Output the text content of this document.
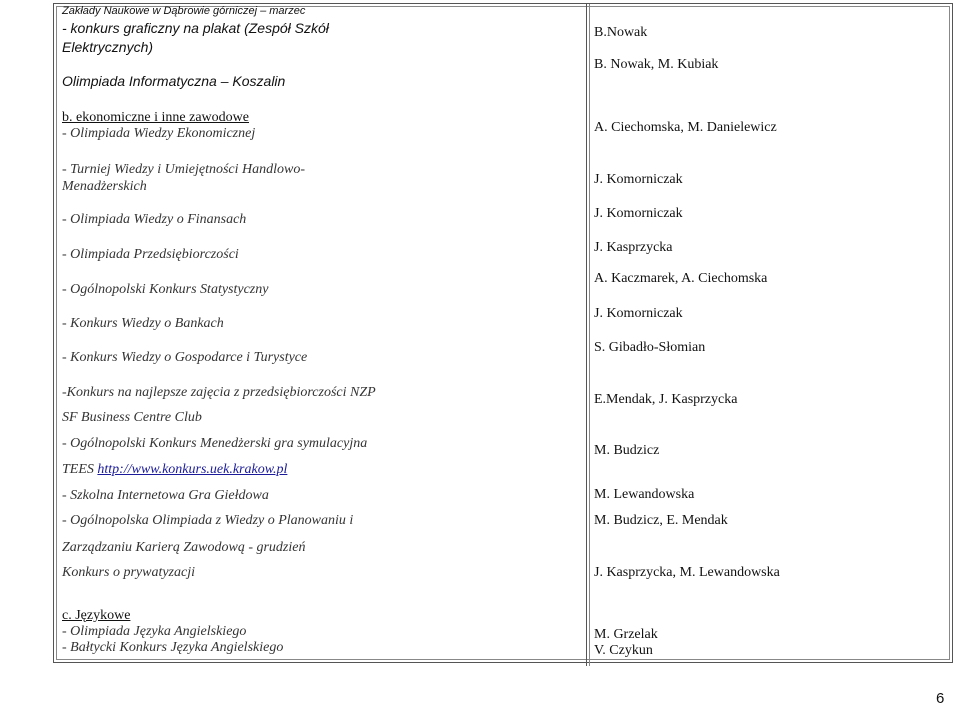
Zakłady Naukowe w Dąbrowie górniczej – marzec
- konkurs graficzny na plakat (Zespół Szkół
Elektrycznych)
Olimpiada Informatyczna – Koszalin
b. ekonomiczne i inne zawodowe
- Olimpiada Wiedzy Ekonomicznej
- Turniej Wiedzy i Umiejętności Handlowo-
Menadżerskich
- Olimpiada Wiedzy o Finansach
- Olimpiada Przedsiębiorczości
- Ogólnopolski Konkurs Statystyczny
- Konkurs Wiedzy o Bankach
- Konkurs Wiedzy o Gospodarce i Turystyce
-Konkurs na najlepsze zajęcia z przedsiębiorczości NZP
SF Business Centre Club
- Ogólnopolski Konkurs Menedżerski gra symulacyjna
TEES http://www.konkurs.uek.krakow.pl
- Szkolna Internetowa Gra Giełdowa
- Ogólnopolska Olimpiada z Wiedzy o Planowaniu i
Zarządzaniu Karierą Zawodową - grudzień
Konkurs o prywatyzacji
c. Językowe
- Olimpiada Języka Angielskiego
- Bałtycki Konkurs Języka Angielskiego
B.Nowak
B. Nowak, M. Kubiak
A. Ciechomska, M. Danielewicz
J. Komorniczak
J. Komorniczak
J. Kasprzycka
A. Kaczmarek, A. Ciechomska
J. Komorniczak
S. Gibadło-Słomian
E.Mendak, J. Kasprzycka
M. Budzicz
M. Lewandowska
M. Budzicz, E. Mendak
J. Kasprzycka, M. Lewandowska
M. Grzelak
V. Czykun
6
